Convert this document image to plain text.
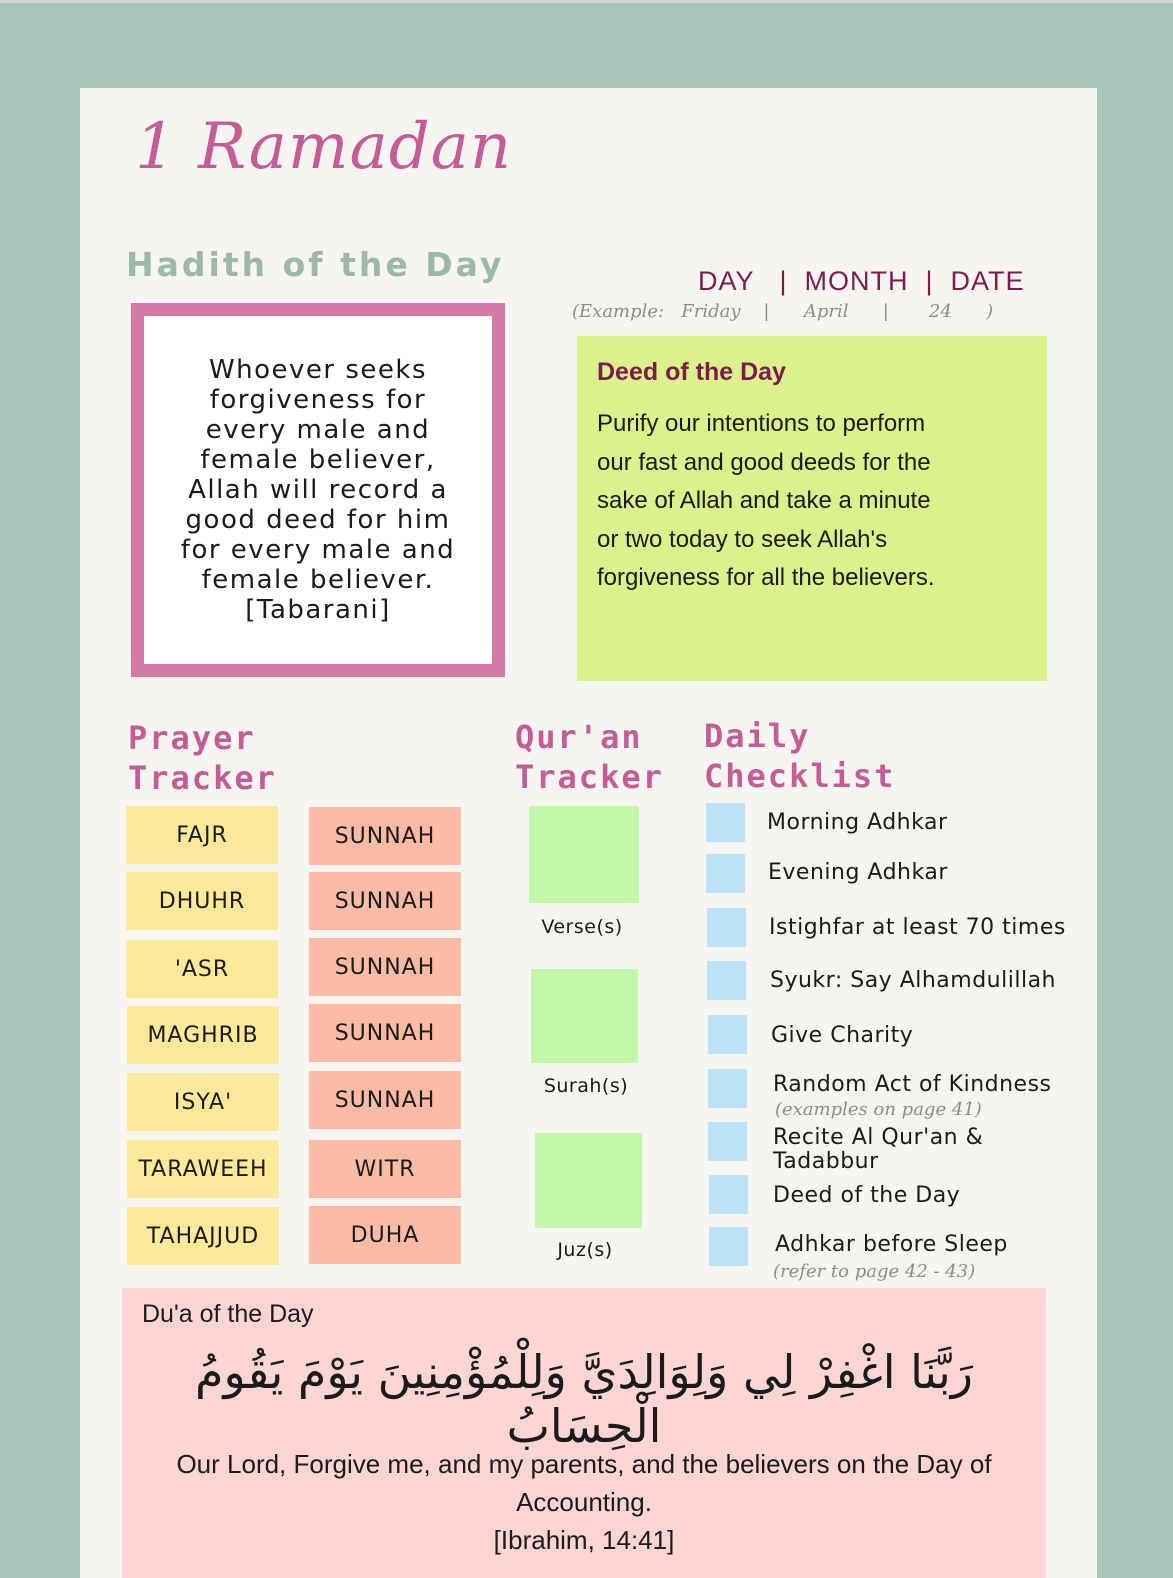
1 Ramadan
Hadith of the Day
Whoever seeks
forgiveness for
every male and
female believer,
Allah will record a
good deed for him
for every male and
female believer.
[Tabarani]
DAY   |  MONTH  |  DATE
(Example:   Friday    |      April      |       24      )
Deed of the Day
Purify our intentions to perform
our fast and good deeds for the
sake of Allah and take a minute
or two today to seek Allah's
forgiveness for all the believers.
Prayer
Tracker
Qur'an
Tracker
Daily
Checklist
FAJR
DHUHR
'ASR
MAGHRIB
ISYA'
TARAWEEH
TAHAJJUD
SUNNAH
SUNNAH
SUNNAH
SUNNAH
SUNNAH
WITR
DUHA
Verse(s)
Surah(s)
Juz(s)
Morning Adhkar
Evening Adhkar
Istighfar at least 70 times
Syukr: Say Alhamdulillah
Give Charity
Random Act of Kindness
(examples on page 41)
Recite Al Qur'an &
Tadabbur
Deed of the Day
Adhkar before Sleep
(refer to page 42 - 43)
Du'a of the Day
رَبَّنَا اغْفِرْ لِي وَلِوَالِدَيَّ وَلِلْمُؤْمِنِينَ يَوْمَ يَقُومُ الْحِسَابُ
Our Lord, Forgive me, and my parents, and the believers on the Day of
Accounting.
[Ibrahim, 14:41]
